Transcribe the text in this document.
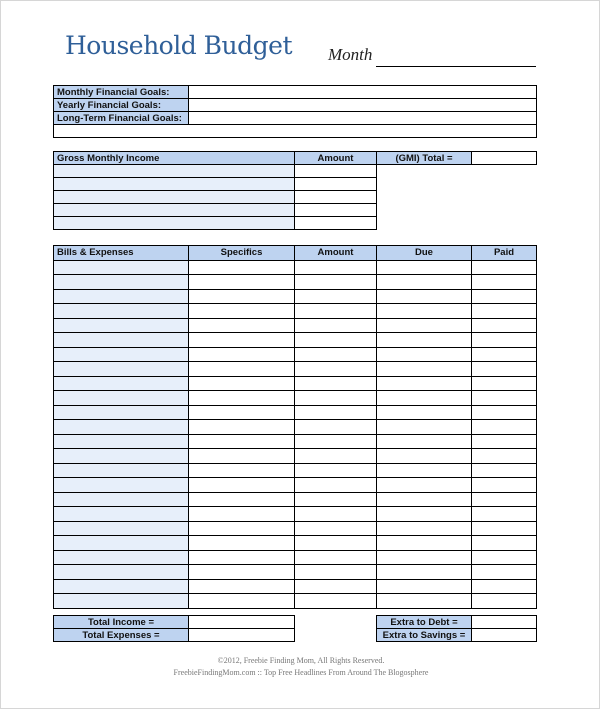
Household Budget Month
Monthly Financial Goals:	
Yearly Financial Goals:	
Long-Term Financial Goals:	

Gross Monthly Income	Amount	(GMI) Total =	

Bills & Expenses	Specifics	Amount	Due	Paid

Total Income =			Extra to Debt =	
Total Expenses =			Extra to Savings =	
©2012, Freebie Finding Mom, All Rights Reserved.
FreebieFindingMom.com :: Top Free Headlines From Around The Blogosphere
